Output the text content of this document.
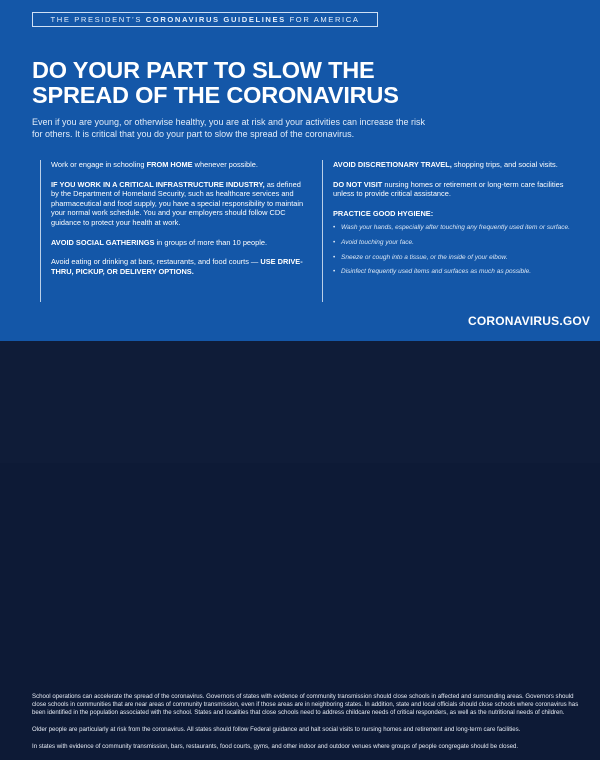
THE PRESIDENT’S CORONAVIRUS GUIDELINES FOR AMERICA
DO YOUR PART TO SLOW THE
SPREAD OF THE CORONAVIRUS

Even if you are young, or otherwise healthy, you are at risk and your activities can increase the risk for others. It is critical that you do your part to slow the spread of the coronavirus.

Work or engage in schooling FROM HOME whenever possible.

IF YOU WORK IN A CRITICAL INFRASTRUCTURE INDUSTRY, as defined by the Department of Homeland Security, such as healthcare services and pharmaceutical and food supply, you have a special responsibility to maintain your normal work schedule. You and your employers should follow CDC guidance to protect your health at work.

AVOID SOCIAL GATHERINGS in groups of more than 10 people.

Avoid eating or drinking at bars, restaurants, and food courts — USE DRIVE-THRU, PICKUP, OR DELIVERY OPTIONS.

AVOID DISCRETIONARY TRAVEL, shopping trips, and social visits.

DO NOT VISIT nursing homes or retirement or long-term care facilities unless to provide critical assistance.

PRACTICE GOOD HYGIENE:
• Wash your hands, especially after touching any frequently used item or surface.
• Avoid touching your face.
• Sneeze or cough into a tissue, or the inside of your elbow.
• Disinfect frequently used items and surfaces as much as possible.
CORONAVIRUS.GOV

School operations can accelerate the spread of the coronavirus. Governors of states with evidence of community transmission should close schools in affected and surrounding areas. Governors should close schools in communities that are near areas of community transmission, even if those areas are in neighboring states. In addition, state and local officials should close schools where coronavirus has been identified in the population associated with the school. States and localities that close schools need to address childcare needs of critical responders, as well as the nutritional needs of children.

Older people are particularly at risk from the coronavirus. All states should follow Federal guidance and halt social visits to nursing homes and retirement and long-term care facilities.

In states with evidence of community transmission, bars, restaurants, food courts, gyms, and other indoor and outdoor venues where groups of people congregate should be closed.
